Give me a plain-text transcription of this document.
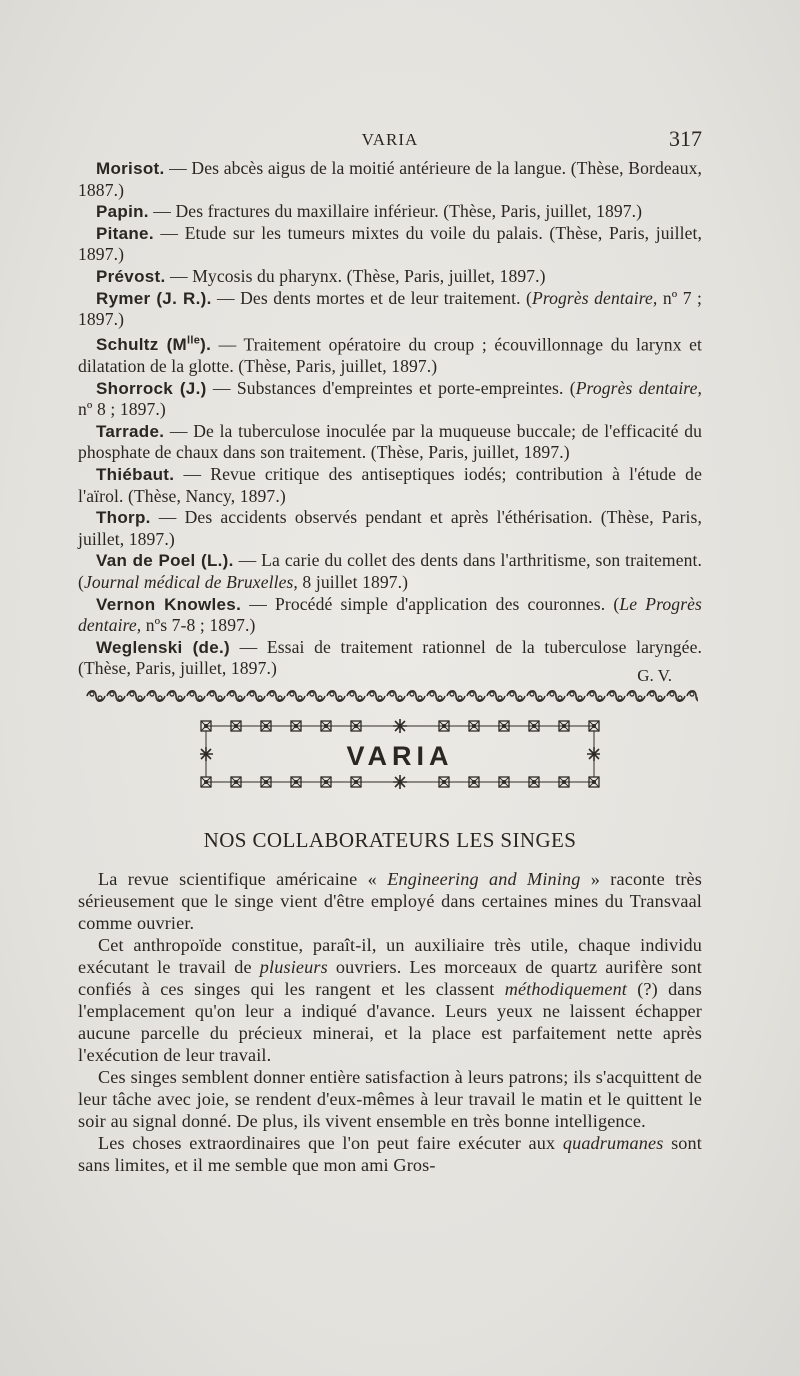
VARIA	317

Morisot. — Des abcès aigus de la moitié antérieure de la langue. (Thèse, Bordeaux, 1887.)

Papin. — Des fractures du maxillaire inférieur. (Thèse, Paris, juillet, 1897.)

Pitane. — Etude sur les tumeurs mixtes du voile du palais. (Thèse, Paris, juillet, 1897.)

Prévost. — Mycosis du pharynx. (Thèse, Paris, juillet, 1897.)

Rymer (J. R.). — Des dents mortes et de leur traitement. (Progrès dentaire, nº 7 ; 1897.)

Schultz $(M^{lle})$. — Traitement opératoire du croup ; écouvillonnage du larynx et dilatation de la glotte. (Thèse, Paris, juillet, 1897.)

Shorrock (J.) — Substances d'empreintes et porte-empreintes. (Progrès dentaire, nº 8 ; 1897.)

Tarrade. — De la tuberculose inoculée par la muqueuse buccale; de l'efficacité du phosphate de chaux dans son traitement. (Thèse, Paris, juillet, 1897.)

Thiébaut. — Revue critique des antiseptiques iodés; contribution à l'étude de l'aïrol. (Thèse, Nancy, 1897.)

Thorp. — Des accidents observés pendant et après l'éthérisation. (Thèse, Paris, juillet, 1897.)

Van de Poel (L.). — La carie du collet des dents dans l'arthritisme, son traitement. (Journal médical de Bruxelles, 8 juillet 1897.)

Vernon Knowles. — Procédé simple d'application des couronnes. (Le Progrès dentaire, nºs 7-8 ; 1897.)

Weglenski (de.) — Essai de traitement rationnel de la tuberculose laryngée. (Thèse, Paris, juillet, 1897.)

VARIA
NOS COLLABORATEURS LES SINGES

La revue scientifique américaine « Engineering and Mining » raconte très sérieusement que le singe vient d'être employé dans certaines mines du Transvaal comme ouvrier.

Cet anthropoïde constitue, paraît-il, un auxiliaire très utile, chaque individu exécutant le travail de plusieurs ouvriers. Les morceaux de quartz aurifère sont confiés à ces singes qui les rangent et les classent méthodiquement (?) dans l'emplacement qu'on leur a indiqué d'avance. Leurs yeux ne laissent échapper aucune parcelle du précieux minerai, et la place est parfaitement nette après l'exécution de leur travail.

Ces singes semblent donner entière satisfaction à leurs patrons; ils s'acquittent de leur tâche avec joie, se rendent d'eux-mêmes à leur travail le matin et le quittent le soir au signal donné. De plus, ils vivent ensemble en très bonne intelligence.

Les choses extraordinaires que l'on peut faire exécuter aux quadrumanes sont sans limites, et il me semble que mon ami Gros-

G. V.
